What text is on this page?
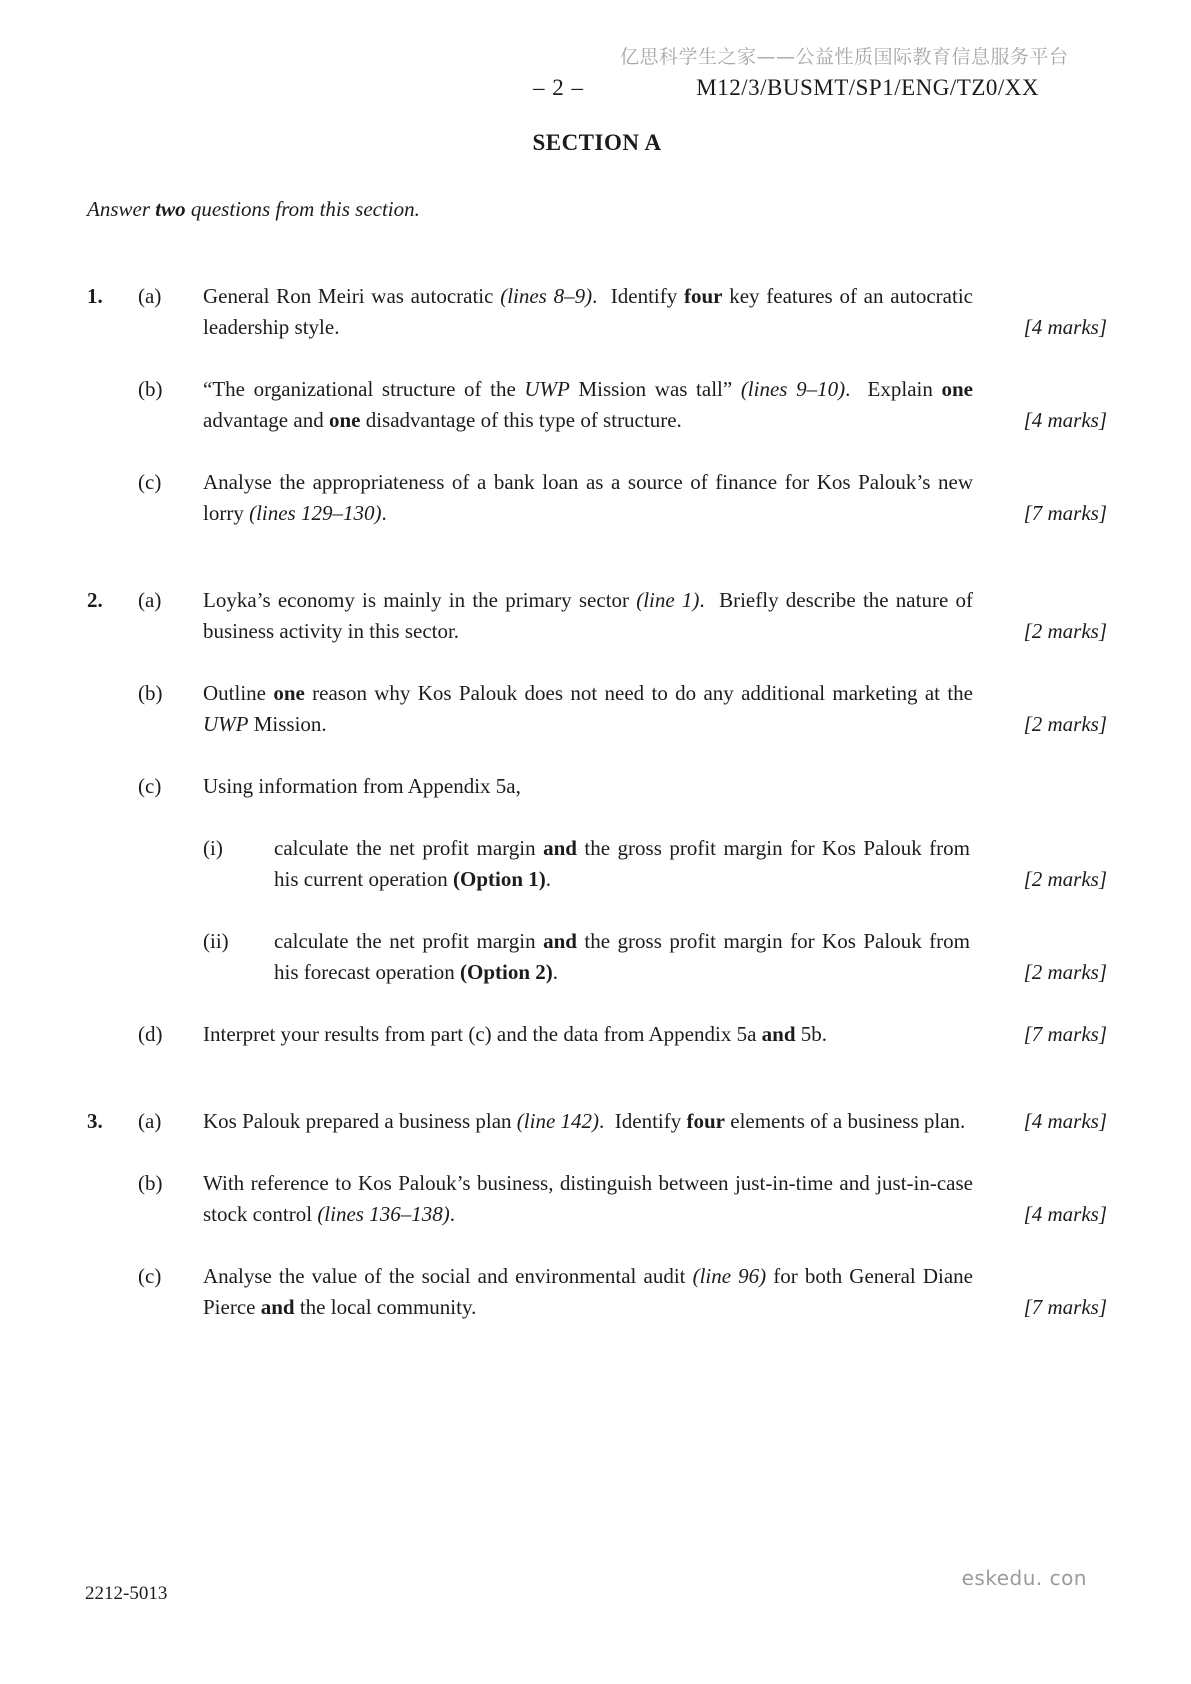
亿思科学生之家——公益性质国际教育信息服务平台
– 2 –	M12/3/BUSMT/SP1/ENG/TZ0/XX
SECTION A
Answer two questions from this section.
1.	(a)	General Ron Meiri was autocratic (lines 8–9).  Identify four key features of an autocratic leadership style.	[4 marks]
(b)	“The organizational structure of the UWP Mission was tall” (lines 9–10).  Explain one advantage and one disadvantage of this type of structure.	[4 marks]
(c)	Analyse the appropriateness of a bank loan as a source of finance for Kos Palouk’s new lorry (lines 129–130).	[7 marks]
2.	(a)	Loyka’s economy is mainly in the primary sector (line 1).  Briefly describe the nature of business activity in this sector.	[2 marks]
(b)	Outline one reason why Kos Palouk does not need to do any additional marketing at the UWP Mission.	[2 marks]
(c)	Using information from Appendix 5a,
(i)	calculate the net profit margin and the gross profit margin for Kos Palouk from his current operation (Option 1).	[2 marks]
(ii)	calculate the net profit margin and the gross profit margin for Kos Palouk from his forecast operation (Option 2).	[2 marks]
(d)	Interpret your results from part (c) and the data from Appendix 5a and 5b.	[7 marks]
3.	(a)	Kos Palouk prepared a business plan (line 142).  Identify four elements of a business plan.	[4 marks]
(b)	With reference to Kos Palouk’s business, distinguish between just-in-time and just-in-case stock control (lines 136–138).	[4 marks]
(c)	Analyse the value of the social and environmental audit (line 96) for both General Diane Pierce and the local community.	[7 marks]
2212-5013
eskedu. con
